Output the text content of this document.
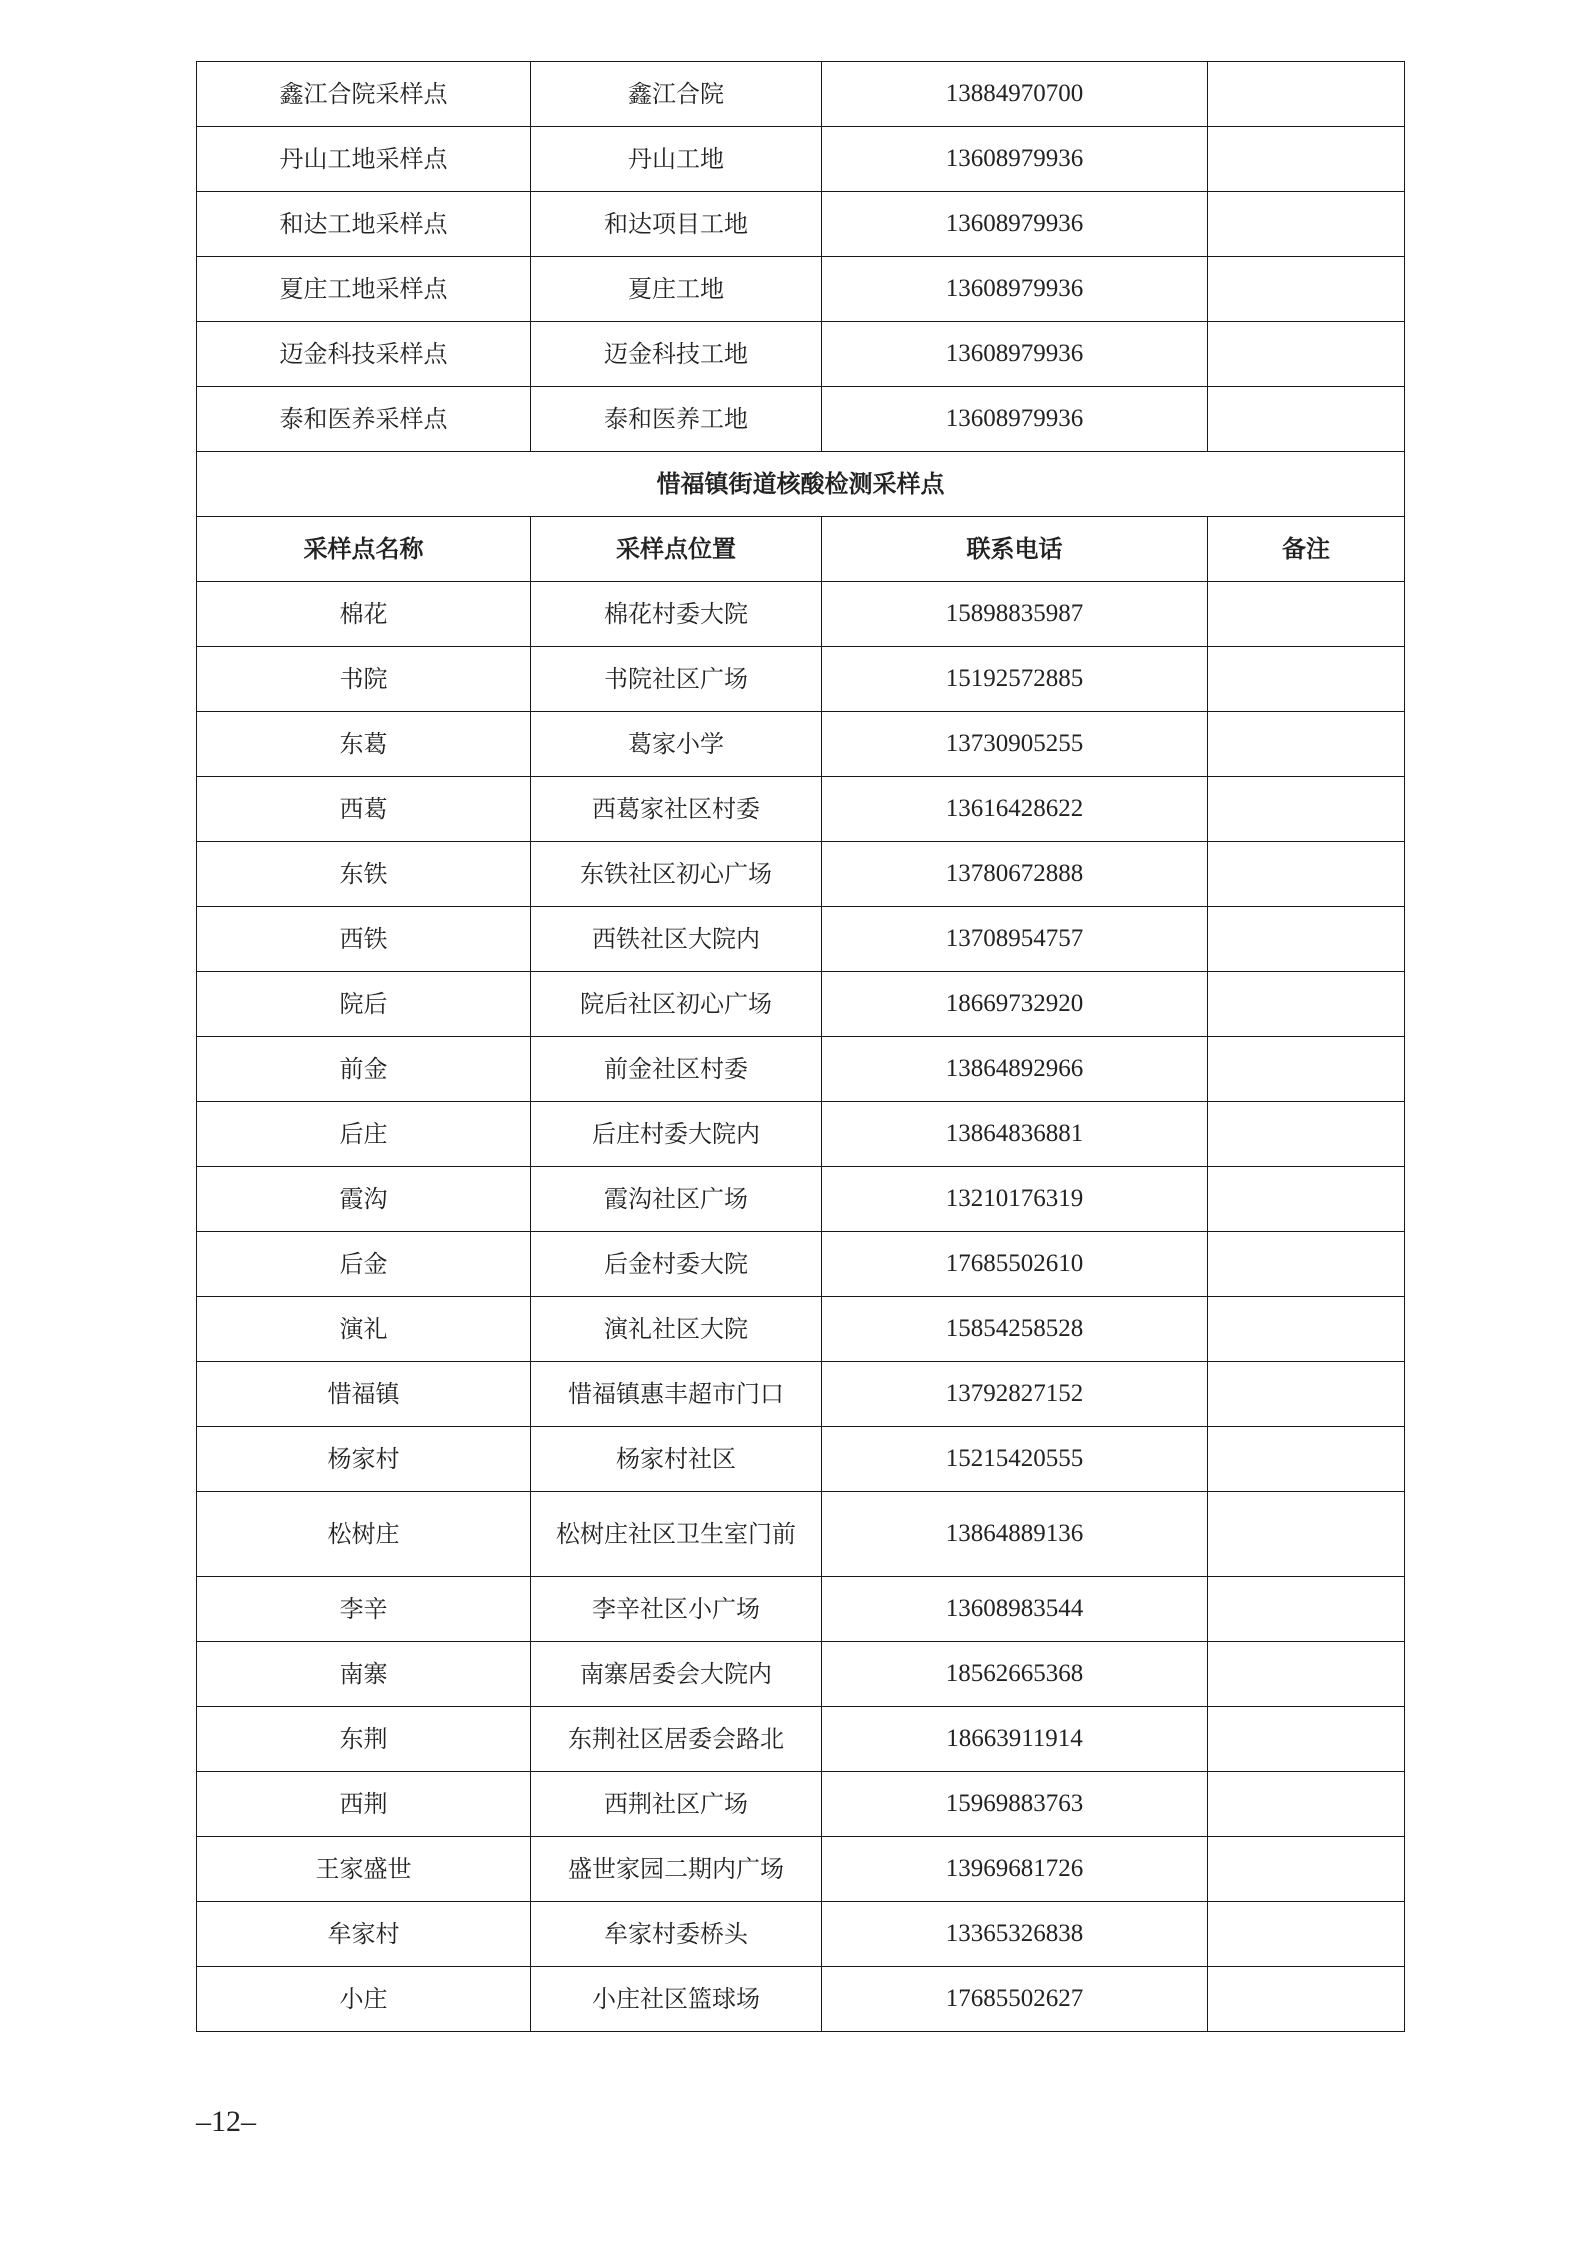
鑫江合院采样点	鑫江合院	13884970700	
丹山工地采样点	丹山工地	13608979936	
和达工地采样点	和达项目工地	13608979936	
夏庄工地采样点	夏庄工地	13608979936	
迈金科技采样点	迈金科技工地	13608979936	
泰和医养采样点	泰和医养工地	13608979936	
惜福镇街道核酸检测采样点			
采样点名称	采样点位置	联系电话	备注
棉花	棉花村委大院	15898835987	
书院	书院社区广场	15192572885	
东葛	葛家小学	13730905255	
西葛	西葛家社区村委	13616428622	
东铁	东铁社区初心广场	13780672888	
西铁	西铁社区大院内	13708954757	
院后	院后社区初心广场	18669732920	
前金	前金社区村委	13864892966	
后庄	后庄村委大院内	13864836881	
霞沟	霞沟社区广场	13210176319	
后金	后金村委大院	17685502610	
演礼	演礼社区大院	15854258528	
惜福镇	惜福镇惠丰超市门口	13792827152	
杨家村	杨家村社区	15215420555	
松树庄	松树庄社区卫生室门前	13864889136	
李辛	李辛社区小广场	13608983544	
南寨	南寨居委会大院内	18562665368	
东荆	东荆社区居委会路北	18663911914	
西荆	西荆社区广场	15969883763	
王家盛世	盛世家园二期内广场	13969681726	
牟家村	牟家村委桥头	13365326838	
小庄	小庄社区篮球场	17685502627	
–12–
